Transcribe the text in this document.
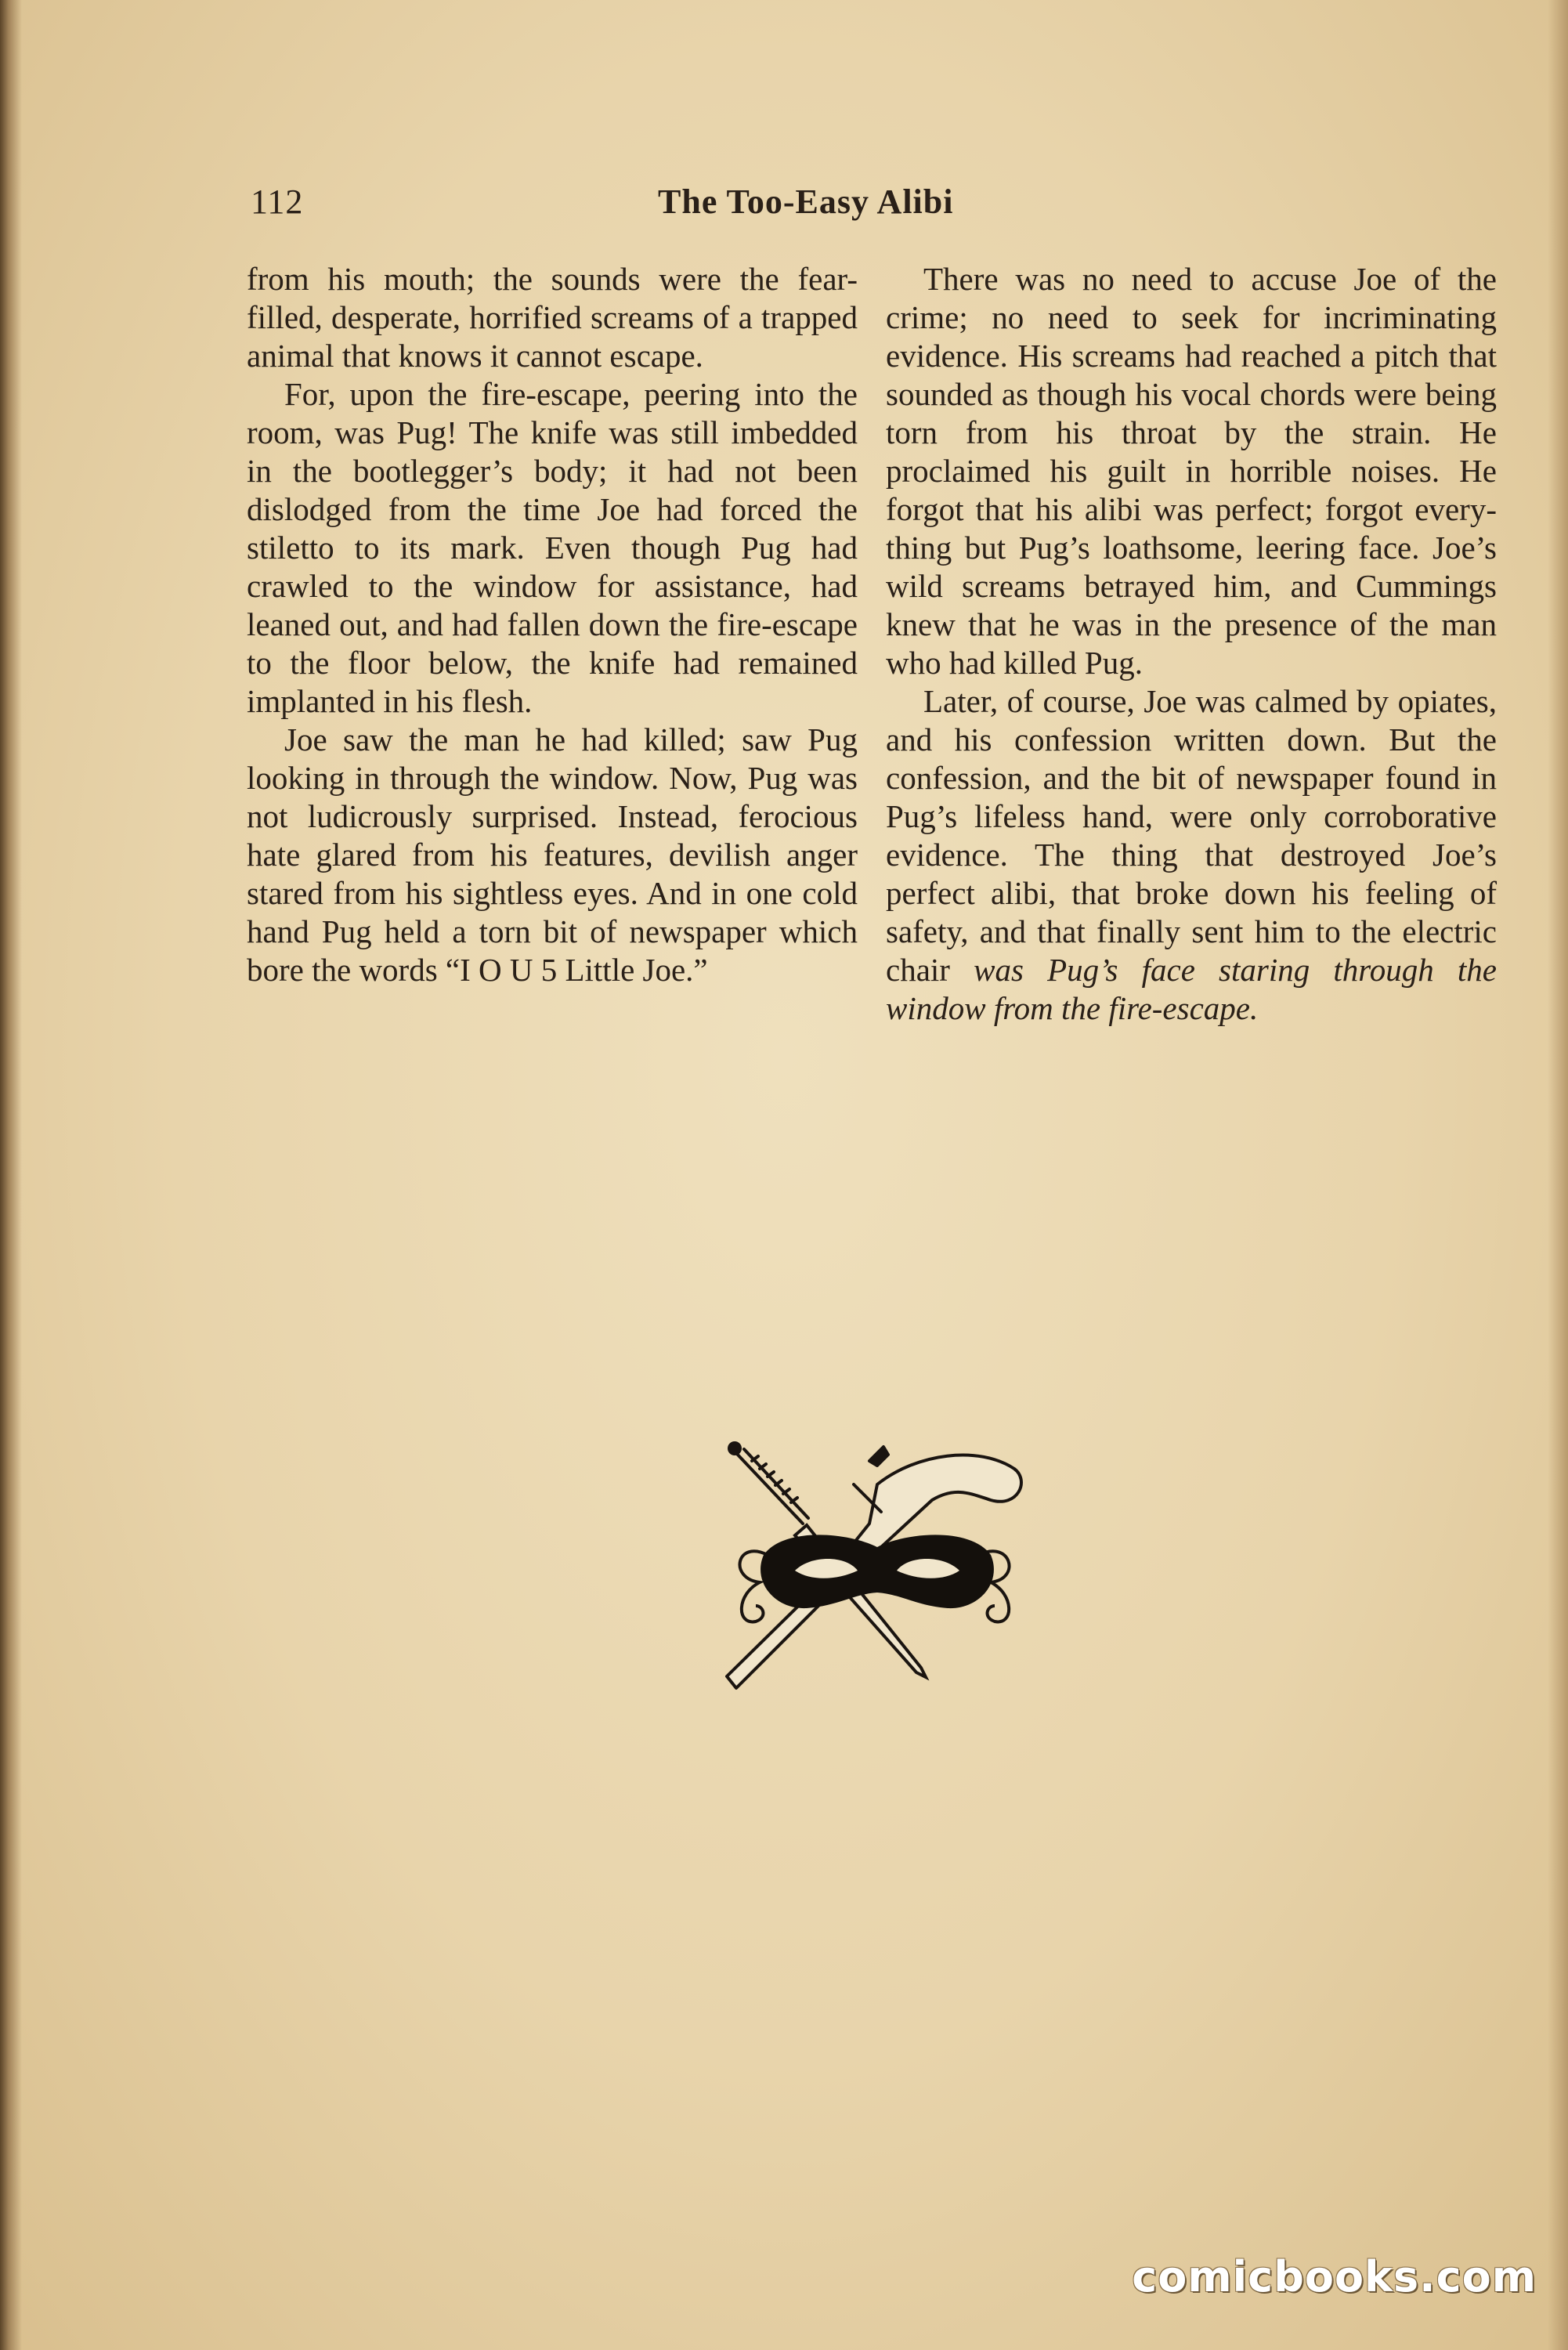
112	The Too-Easy Alibi

from his mouth; the sounds were the fear-filled, desperate, horrified screams of a trapped animal that knows it cannot escape.

For, upon the fire-escape, peering into the room, was Pug! The knife was still imbedded in the bootlegger’s body; it had not been dislodged from the time Joe had forced the stiletto to its mark. Even though Pug had crawled to the window for assistance, had leaned out, and had fallen down the fire-escape to the floor below, the knife had remained implanted in his flesh.

Joe saw the man he had killed; saw Pug looking in through the window. Now, Pug was not ludicrously surprised. Instead, ferocious hate glared from his features, devilish anger stared from his sightless eyes. And in one cold hand Pug held a torn bit of newspaper which bore the words “I O U 5 Little Joe.”

There was no need to accuse Joe of the crime; no need to seek for incriminating evidence. His screams had reached a pitch that sounded as though his vocal chords were being torn from his throat by the strain. He proclaimed his guilt in horrible noises. He forgot that his alibi was perfect; forgot everything but Pug’s loathsome, leering face. Joe’s wild screams betrayed him, and Cummings knew that he was in the presence of the man who had killed Pug.

Later, of course, Joe was calmed by opiates, and his confession written down. But the confession, and the bit of newspaper found in Pug’s lifeless hand, were only corroborative evidence. The thing that destroyed Joe’s perfect alibi, that broke down his feeling of safety, and that finally sent him to the electric chair was Pug’s face staring through the window from the fire-escape.

comicbooks.com
